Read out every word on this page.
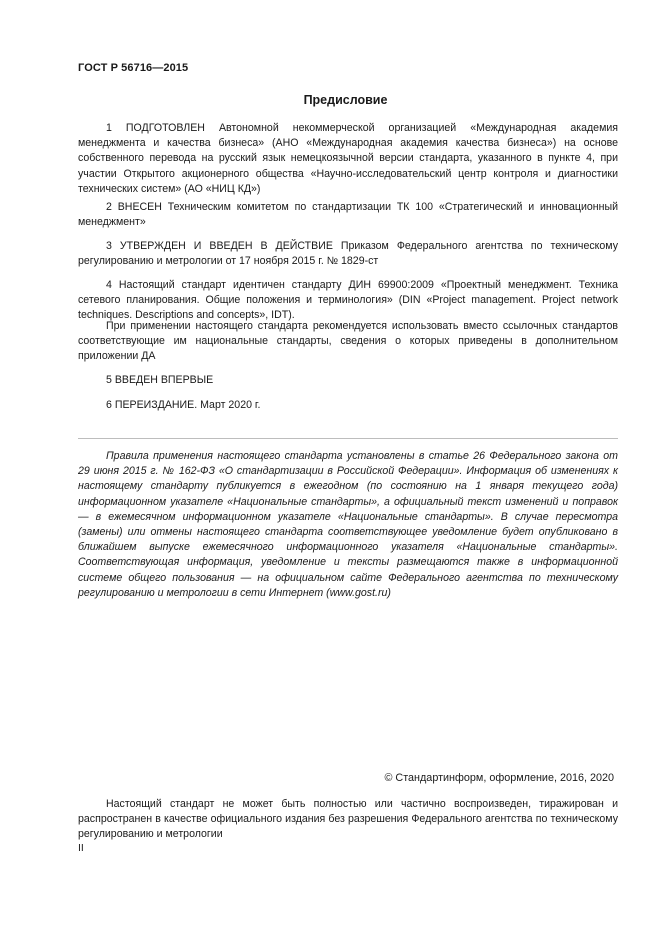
ГОСТ Р 56716—2015
Предисловие

1 ПОДГОТОВЛЕН Автономной некоммерческой организацией «Международная академия менеджмента и качества бизнеса» (АНО «Международная академия качества бизнеса») на основе собственного перевода на русский язык немецкоязычной версии стандарта, указанного в пункте 4, при участии Открытого акционерного общества «Научно-исследовательский центр контроля и диагностики технических систем» (АО «НИЦ КД»)

2 ВНЕСЕН Техническим комитетом по стандартизации ТК 100 «Стратегический и инновационный менеджмент»

3 УТВЕРЖДЕН И ВВЕДЕН В ДЕЙСТВИЕ Приказом Федерального агентства по техническому регулированию и метрологии от 17 ноября 2015 г. № 1829-ст

4 Настоящий стандарт идентичен стандарту ДИН 69900:2009 «Проектный менеджмент. Техника сетевого планирования. Общие положения и терминология» (DIN «Project management. Project network techniques. Descriptions and concepts», IDT).

При применении настоящего стандарта рекомендуется использовать вместо ссылочных стандартов соответствующие им национальные стандарты, сведения о которых приведены в дополнительном приложении ДА

5 ВВЕДЕН ВПЕРВЫЕ

6 ПЕРЕИЗДАНИЕ. Март 2020 г.

Правила применения настоящего стандарта установлены в статье 26 Федерального закона от 29 июня 2015 г. № 162-ФЗ «О стандартизации в Российской Федерации». Информация об изменениях к настоящему стандарту публикуется в ежегодном (по состоянию на 1 января текущего года) информационном указателе «Национальные стандарты», а официальный текст изменений и поправок — в ежемесячном информационном указателе «Национальные стандарты». В случае пересмотра (замены) или отмены настоящего стандарта соответствующее уведомление будет опубликовано в ближайшем выпуске ежемесячного информационного указателя «Национальные стандарты». Соответствующая информация, уведомление и тексты размещаются также в информационной системе общего пользования — на официальном сайте Федерального агентства по техническому регулированию и метрологии в сети Интернет (www.gost.ru)

© Стандартинформ, оформление, 2016, 2020

Настоящий стандарт не может быть полностью или частично воспроизведен, тиражирован и распространен в качестве официального издания без разрешения Федерального агентства по техническому регулированию и метрологии

II
